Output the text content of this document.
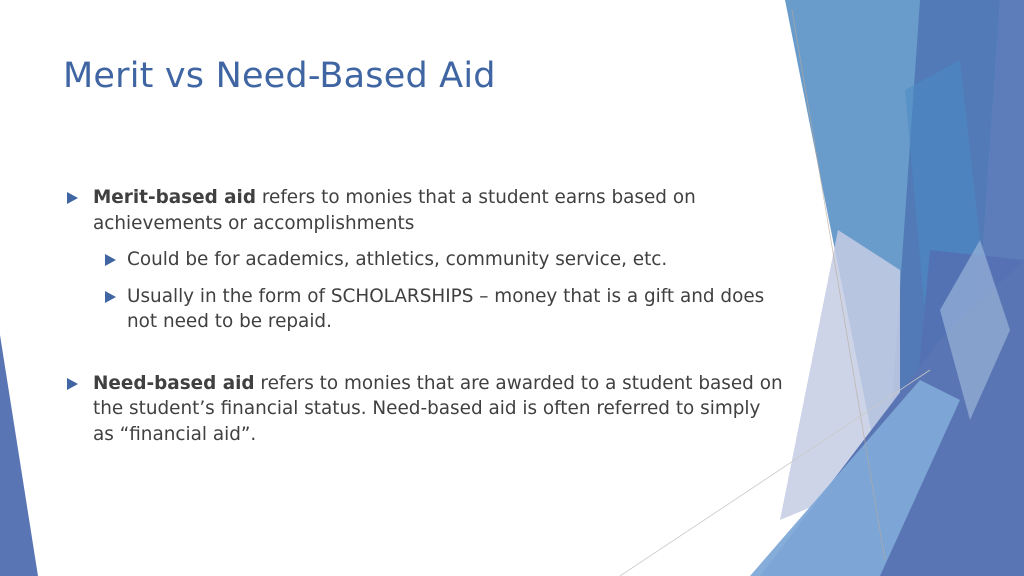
Merit vs Need-Based Aid
Merit-based aid refers to monies that a student earns based on achievements or accomplishments
Could be for academics, athletics, community service, etc.
Usually in the form of SCHOLARSHIPS – money that is a gift and does not need to be repaid.
Need-based aid refers to monies that are awarded to a student based on the student’s financial status. Need-based aid is often referred to simply as “financial aid”.
